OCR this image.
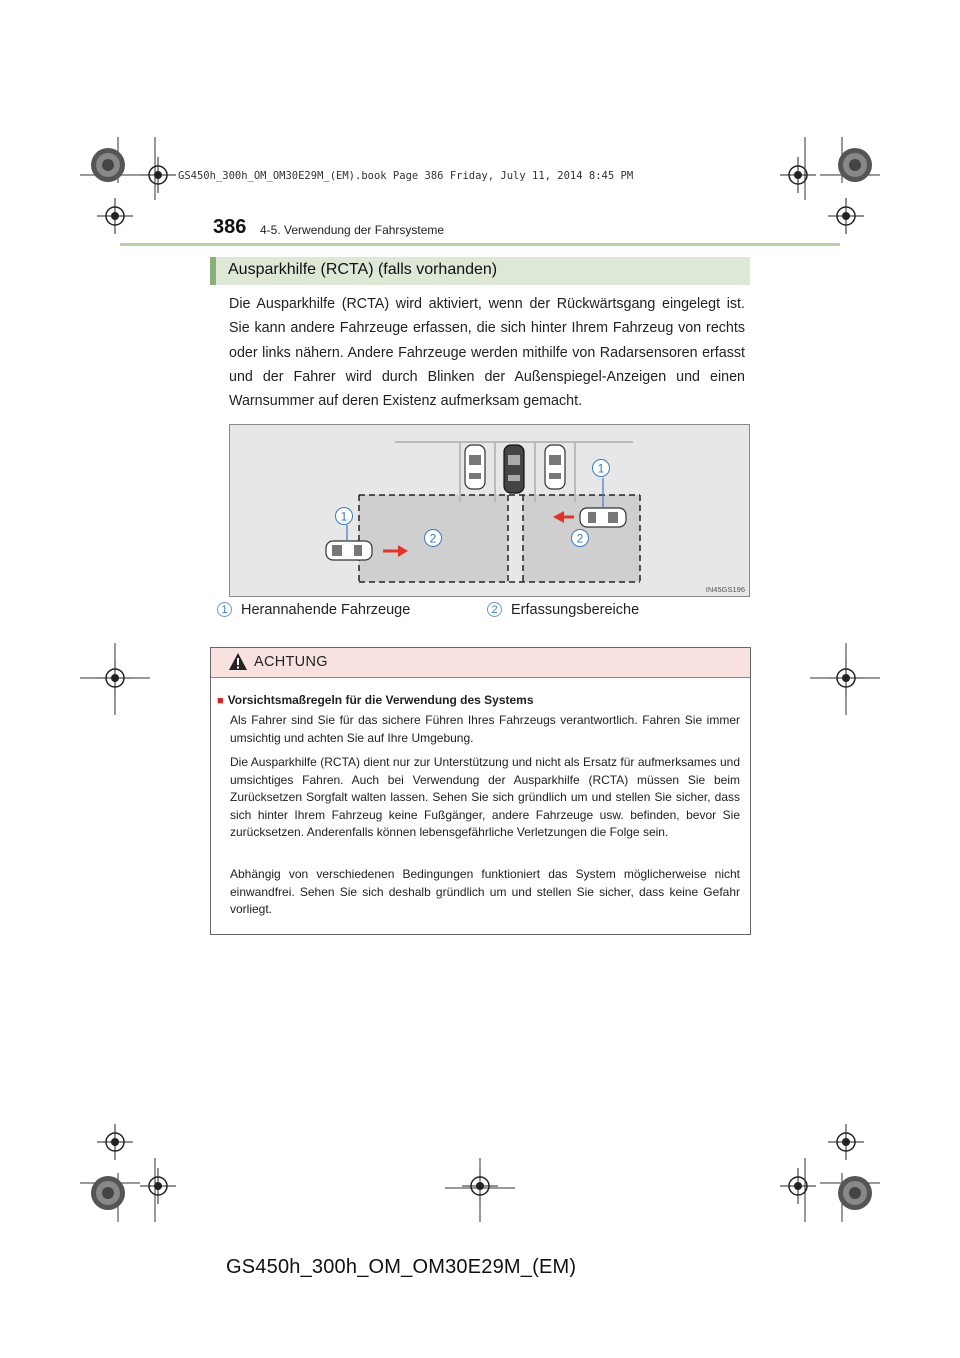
GS450h_300h_OM_OM30E29M_(EM).book Page 386 Friday, July 11, 2014 8:45 PM
386 4-5. Verwendung der Fahrsysteme
Ausparkhilfe (RCTA) (falls vorhanden)
Die Ausparkhilfe (RCTA) wird aktiviert, wenn der Rückwärtsgang eingelegt ist. Sie kann andere Fahrzeuge erfassen, die sich hinter Ihrem Fahrzeug von rechts oder links nähern. Andere Fahrzeuge werden mithilfe von Radarsensoren erfasst und der Fahrer wird durch Blinken der Außenspiegel-Anzeigen und einen Warnsummer auf deren Existenz aufmerksam gemacht.
1
1
2	2
IN45GS196
1 Herannahende Fahrzeuge	2 Erfassungsbereiche
ACHTUNG
■ Vorsichtsmaßregeln für die Verwendung des Systems
Als Fahrer sind Sie für das sichere Führen Ihres Fahrzeugs verantwortlich. Fahren Sie immer umsichtig und achten Sie auf Ihre Umgebung.
Die Ausparkhilfe (RCTA) dient nur zur Unterstützung und nicht als Ersatz für aufmerksames und umsichtiges Fahren. Auch bei Verwendung der Ausparkhilfe (RCTA) müssen Sie beim Zurücksetzen Sorgfalt walten lassen. Sehen Sie sich gründlich um und stellen Sie sicher, dass sich hinter Ihrem Fahrzeug keine Fußgänger, andere Fahrzeuge usw. befinden, bevor Sie zurücksetzen. Anderenfalls können lebensgefährliche Verletzungen die Folge sein.
Abhängig von verschiedenen Bedingungen funktioniert das System möglicherweise nicht einwandfrei. Sehen Sie sich deshalb gründlich um und stellen Sie sicher, dass keine Gefahr vorliegt.
GS450h_300h_OM_OM30E29M_(EM)
